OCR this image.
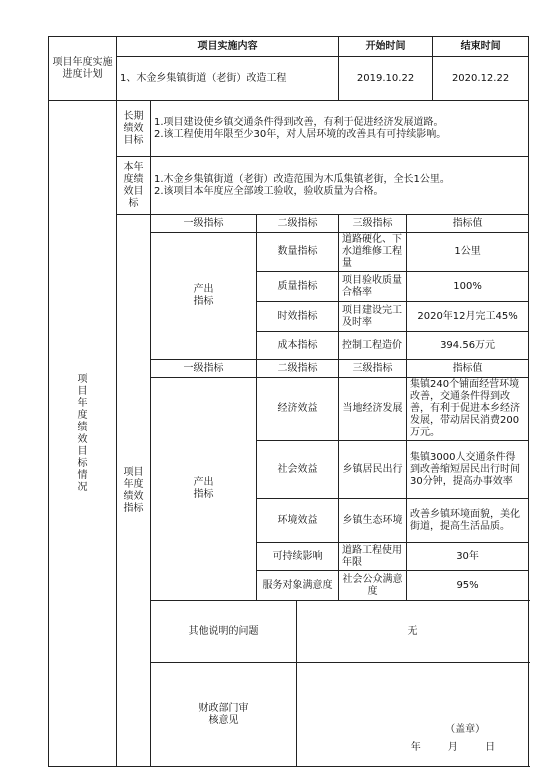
项目年度实施进度计划	项目实施内容				开始时间		结束时间
	1、木金乡集镇街道（老街）改造工程				2019.10.22		2020.12.22
项目年度绩效目标情况	长期绩效目标	1.项目建设使乡镇交通条件得到改善，有利于促进经济发展道路。
2.该工程使用年限至少30年，对人居环境的改善具有可持续影响。					

	本年度绩效目标	1.木金乡集镇街道（老街）改造范围为木瓜集镇老街，全长1公里。
2.该项目本年度应全部竣工验收，验收质量为合格。					

	项目年度绩效指标	一级指标	二级指标		三级指标	指标值	
		产出指标	数量指标		道路硬化、下水道维修工程量	1公里	
			质量指标		项目验收质量合格率	100%	
			时效指标		项目建设完工及时率	2020年12月完工45%	
			成本指标		控制工程造价	394.56万元	
		一级指标	二级指标		三级指标	指标值	
		产出指标	经济效益		当地经济发展	集镇240个铺面经营环境改善，交通条件得到改善，有利于促进本乡经济发展，带动居民消费200万元。	
			社会效益		乡镇居民出行	集镇3000人交通条件得到改善缩短居民出行时间30分钟，提高办事效率	
			环境效益		乡镇生态环境	改善乡镇环境面貌，美化街道，提高生活品质。	
			可持续影响		道路工程使用年限	30年	
			服务对象满意度		社会公众满意度	95%	
		其他说明的问题		无			
		财政部门审核意见		（盖章）
年 月 日			
